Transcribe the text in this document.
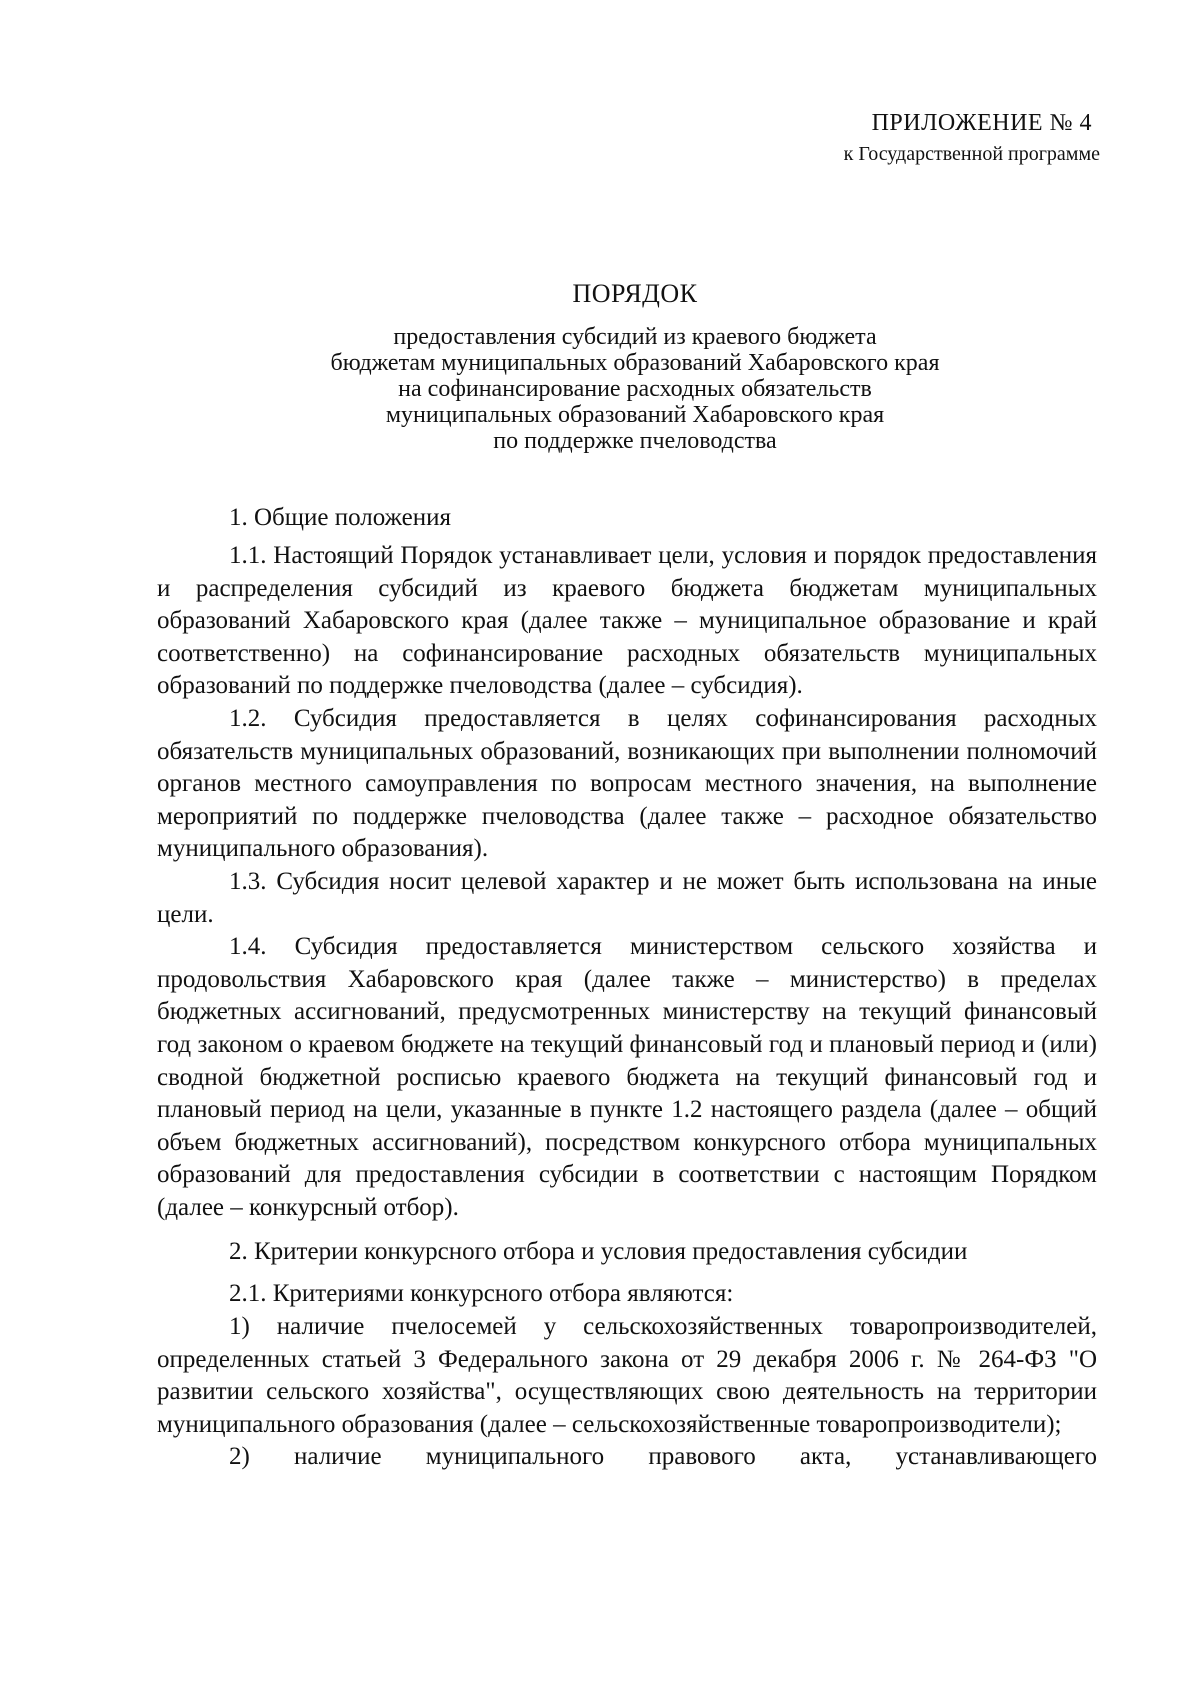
ПРИЛОЖЕНИЕ № 4
к Государственной программе
ПОРЯДОК
предоставления субсидий из краевого бюджета
бюджетам муниципальных образований Хабаровского края
на софинансирование расходных обязательств
муниципальных образований Хабаровского края
по поддержке пчеловодства
1. Общие положения

1.1. Настоящий Порядок устанавливает цели, условия и порядок предоставления и распределения субсидий из краевого бюджета бюджетам муниципальных образований Хабаровского края (далее также – муниципальное образование и край соответственно) на софинансирование расходных обязательств муниципальных образований по поддержке пчеловодства (далее – субсидия).

1.2. Субсидия предоставляется в целях софинансирования расходных обязательств муниципальных образований, возникающих при выполнении полномочий органов местного самоуправления по вопросам местного значения, на выполнение мероприятий по поддержке пчеловодства (далее также – расходное обязательство муниципального образования).

1.3. Субсидия носит целевой характер и не может быть использована на иные цели.

1.4. Субсидия предоставляется министерством сельского хозяйства и продовольствия Хабаровского края (далее также – министерство) в пределах бюджетных ассигнований, предусмотренных министерству на текущий финансовый год законом о краевом бюджете на текущий финансовый год и плановый период и (или) сводной бюджетной росписью краевого бюджета на текущий финансовый год и плановый период на цели, указанные в пункте 1.2 настоящего раздела (далее – общий объем бюджетных ассигнований), посредством конкурсного отбора муниципальных образований для предоставления субсидии в соответствии с настоящим Порядком (далее – конкурсный отбор).

2. Критерии конкурсного отбора и условия предоставления субсидии

2.1. Критериями конкурсного отбора являются:

1) наличие пчелосемей у сельскохозяйственных товаропроизводителей, определенных статьей 3 Федерального закона от 29 декабря 2006 г. № 264-ФЗ "О развитии сельского хозяйства", осуществляющих свою деятельность на территории муниципального образования (далее – сельскохозяйственные товаропроизводители);

2) наличие муниципального правового акта, устанавливающего
